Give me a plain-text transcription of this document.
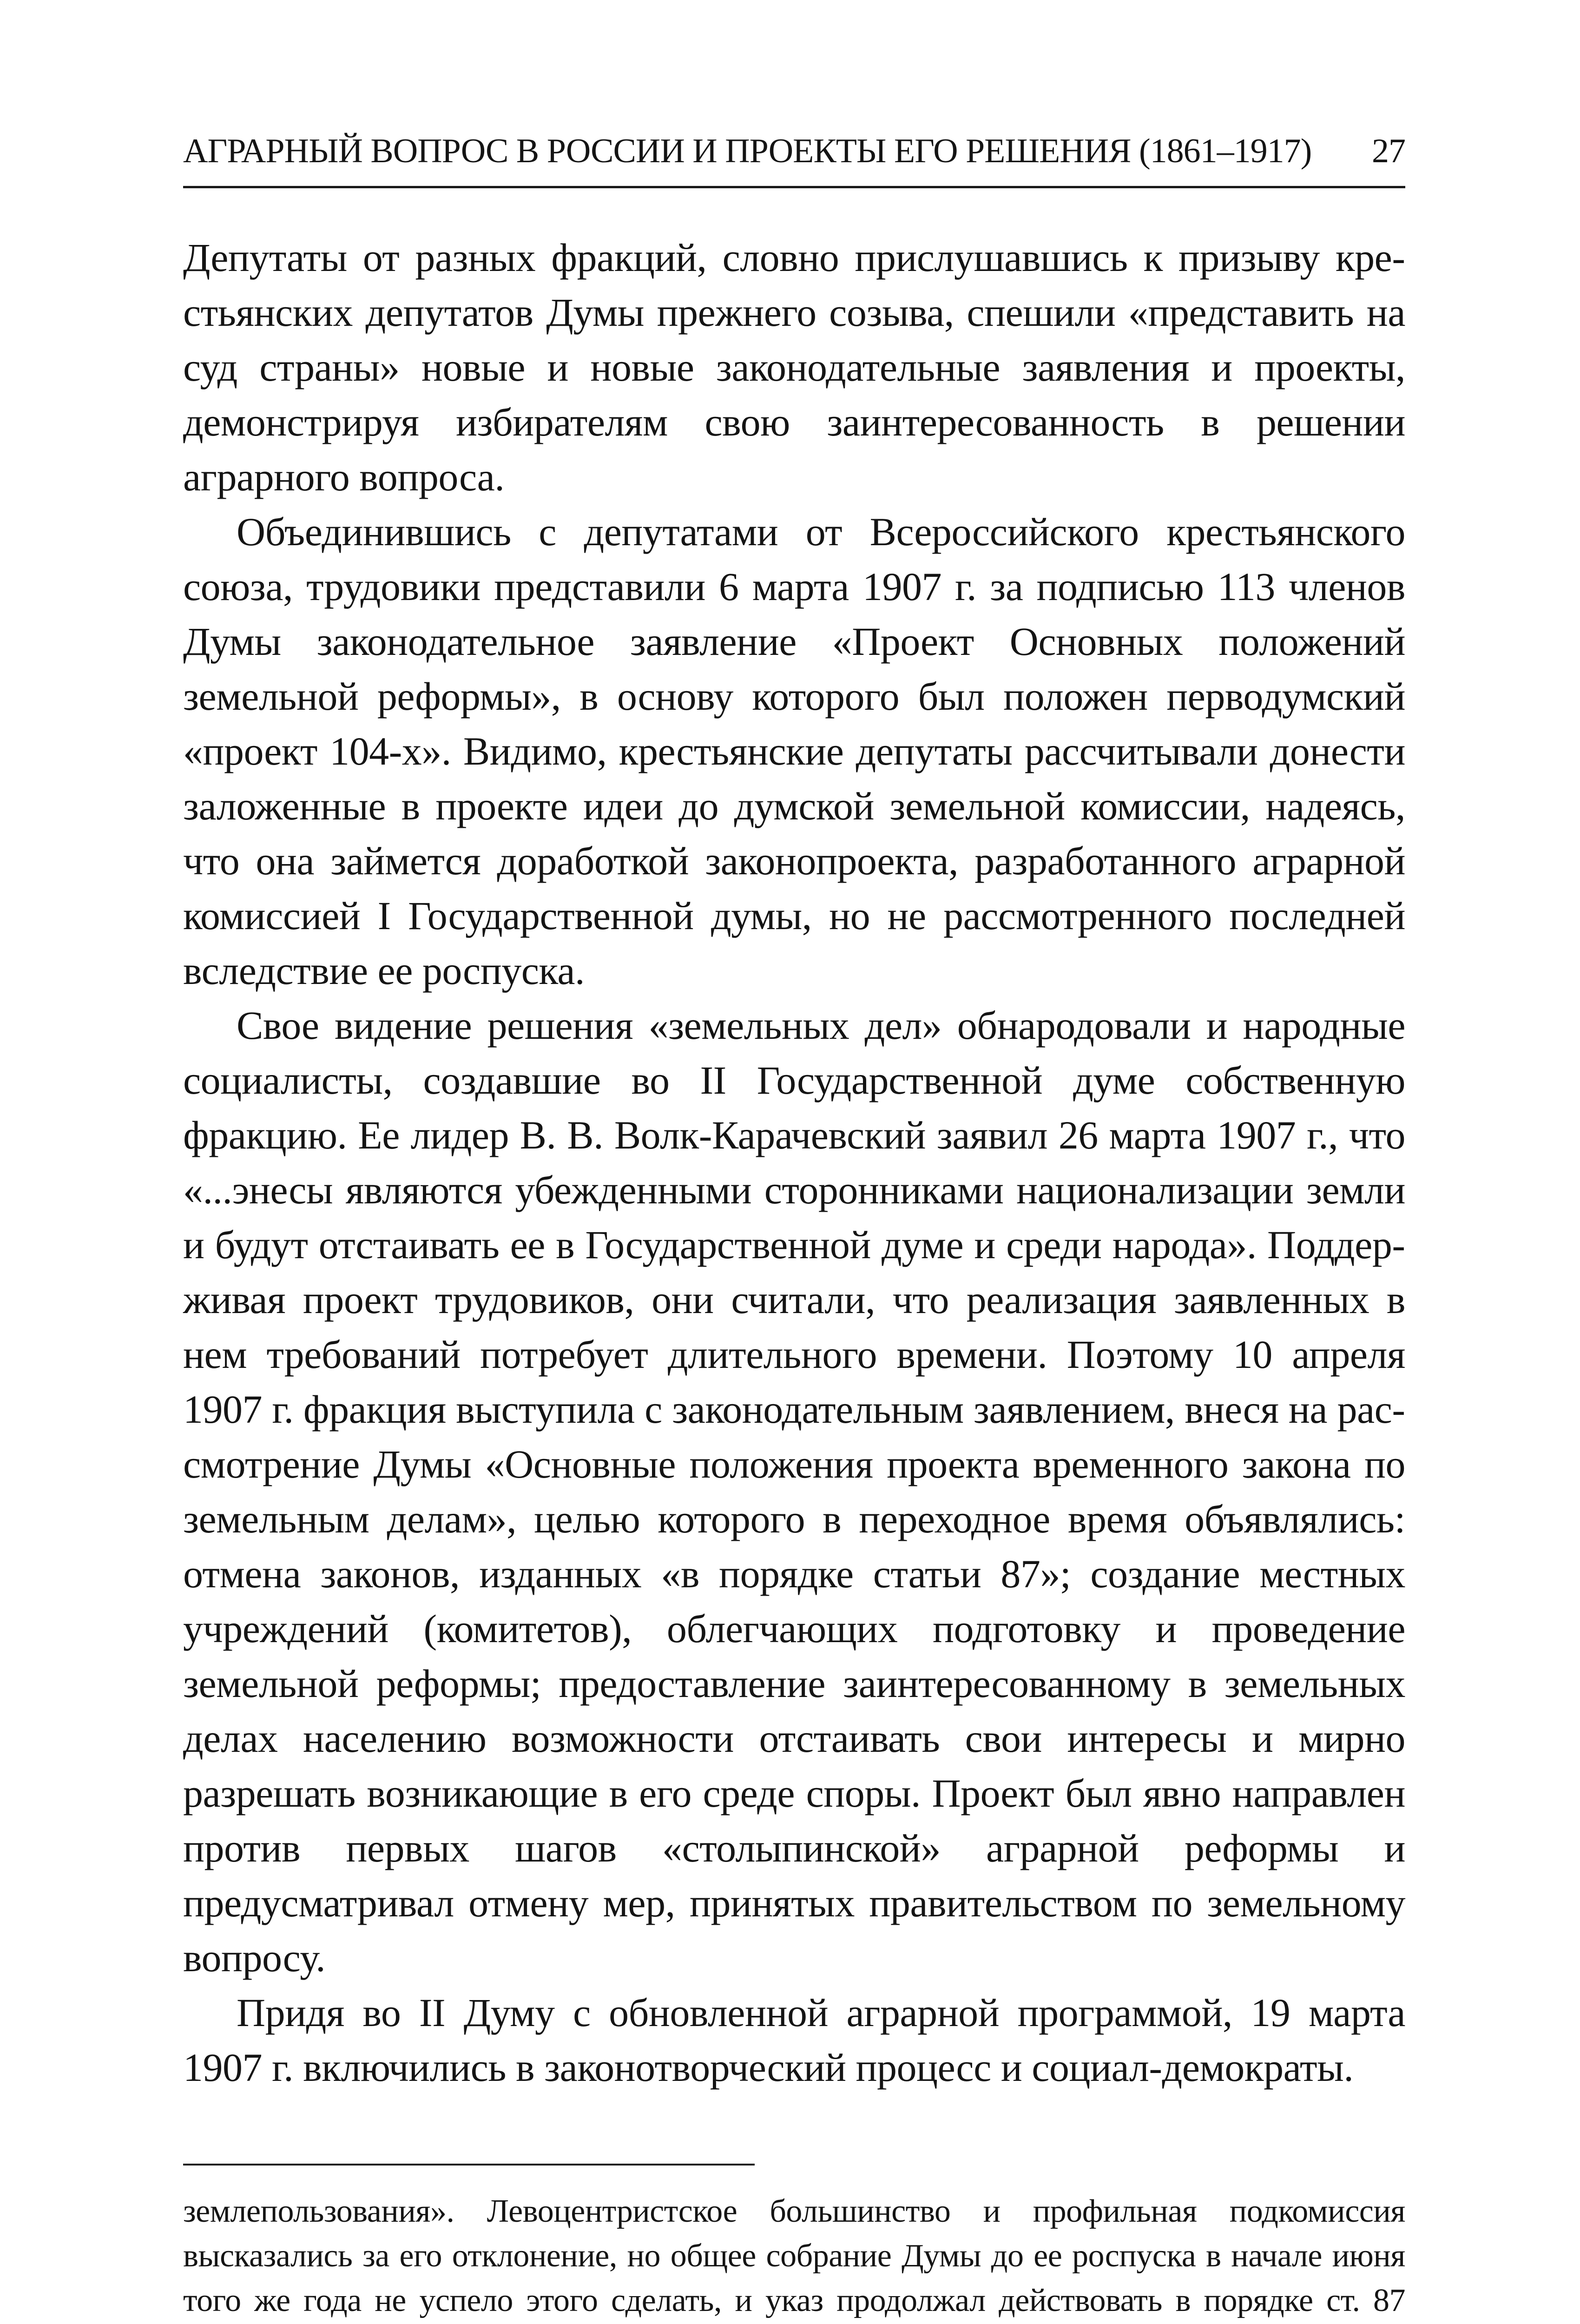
АГРАРНЫЙ ВОПРОС В РОССИИ И ПРОЕКТЫ ЕГО РЕШЕНИЯ (1861–1917) 27

Депутаты от разных фракций, словно прислушавшись к призыву крестьянских депутатов Думы прежнего созыва, спешили «представить на суд страны» новые и новые законодательные заявления и проекты, демонстрируя избирателям свою заинтересованность в решении аграрного вопроса.

Объединившись с депутатами от Всероссийского крестьянского союза, трудовики представили 6 марта 1907 г. за подписью 113 членов Думы законодательное заявление «Проект Основных положений земельной реформы», в основу которого был положен перводумский «проект 104-х». Видимо, крестьянские депутаты рассчитывали донести заложенные в проекте идеи до думской земельной комиссии, надеясь, что она займется доработкой законопроекта, разработанного аграрной комиссией I Государственной думы, но не рассмотренного последней вследствие ее роспуска.

Свое видение решения «земельных дел» обнародовали и народные социалисты, создавшие во II Государственной думе собственную фракцию. Ее лидер В. В. Волк-Карачевский заявил 26 марта 1907 г., что «...энесы являются убежденными сторонниками национализации земли и будут отстаивать ее в Государственной думе и среди народа». Поддерживая проект трудовиков, они считали, что реализация заявленных в нем требований потребует длительного времени. Поэтому 10 апреля 1907 г. фракция выступила с законодательным заявлением, внеся на рассмотрение Думы «Основные положения проекта временного закона по земельным делам», целью которого в переходное время объявлялись: отмена законов, изданных «в порядке статьи 87»; создание местных учреждений (комитетов), облегчающих подготовку и проведение земельной реформы; предоставление заинтересованному в земельных делах населению возможности отстаивать свои интересы и мирно разрешать возникающие в его среде споры. Проект был явно направлен против первых шагов «столыпинской» аграрной реформы и предусматривал отмену мер, принятых правительством по земельному вопросу.

Придя во II Думу с обновленной аграрной программой, 19 марта 1907 г. включились в законотворческий процесс и социал-демократы.

землепользования». Левоцентристское большинство и профильная подкомиссия высказались за его отклонение, но общее собрание Думы до ее роспуска в начале июня того же года не успело этого сделать, и указ продолжал действовать в порядке ст. 87
